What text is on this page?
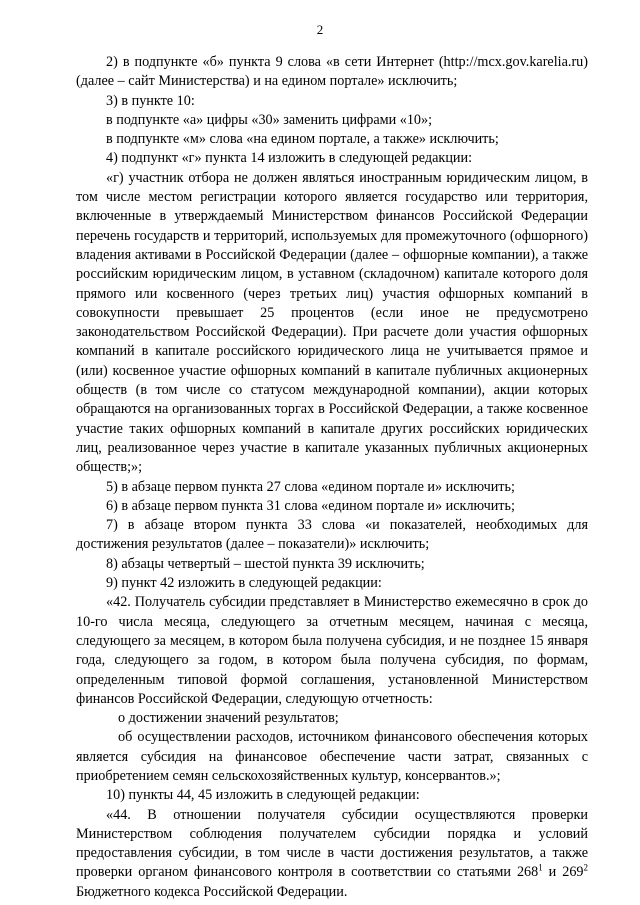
2

2) в подпункте «б» пункта 9 слова «в сети Интернет (http://mcx.gov.karelia.ru) (далее – сайт Министерства) и на едином портале» исключить;

3) в пункте 10:

в подпункте «а» цифры «30» заменить цифрами «10»;

в подпункте «м» слова «на едином портале, а также» исключить;

4) подпункт «г» пункта 14 изложить в следующей редакции:

«г) участник отбора не должен являться иностранным юридическим лицом, в том числе местом регистрации которого является государство или территория, включенные в утверждаемый Министерством финансов Российской Федерации перечень государств и территорий, используемых для промежуточного (офшорного) владения активами в Российской Федерации (далее – офшорные компании), а также российским юридическим лицом, в уставном (складочном) капитале которого доля прямого или косвенного (через третьих лиц) участия офшорных компаний в совокупности превышает 25 процентов (если иное не предусмотрено законодательством Российской Федерации). При расчете доли участия офшорных компаний в капитале российского юридического лица не учитывается прямое и (или) косвенное участие офшорных компаний в капитале публичных акционерных обществ (в том числе со статусом международной компании), акции которых обращаются на организованных торгах в Российской Федерации, а также косвенное участие таких офшорных компаний в капитале других российских юридических лиц, реализованное через участие в капитале указанных публичных акционерных обществ;»;

5) в абзаце первом пункта 27 слова «едином портале и» исключить;

6) в абзаце первом пункта 31 слова «едином портале и» исключить;

7) в абзаце втором пункта 33 слова «и показателей, необходимых для достижения результатов (далее – показатели)» исключить;

8) абзацы четвертый – шестой пункта 39 исключить;

9) пункт 42 изложить в следующей редакции:

«42. Получатель субсидии представляет в Министерство ежемесячно в срок до 10-го числа месяца, следующего за отчетным месяцем, начиная с месяца, следующего за месяцем, в котором была получена субсидия, и не позднее 15 января года, следующего за годом, в котором была получена субсидия, по формам, определенным типовой формой соглашения, установленной Министерством финансов Российской Федерации, следующую отчетность:

о достижении значений результатов;

об осуществлении расходов, источником финансового обеспечения которых является субсидия на финансовое обеспечение части затрат, связанных с приобретением семян сельскохозяйственных культур, консервантов.»;

10) пункты 44, 45 изложить в следующей редакции:

«44. В отношении получателя субсидии осуществляются проверки Министерством соблюдения получателем субсидии порядка и условий предоставления субсидии, в том числе в части достижения результатов, а также проверки органом финансового контроля в соответствии со статьями $268^1$ и $269^2$ Бюджетного кодекса Российской Федерации.
